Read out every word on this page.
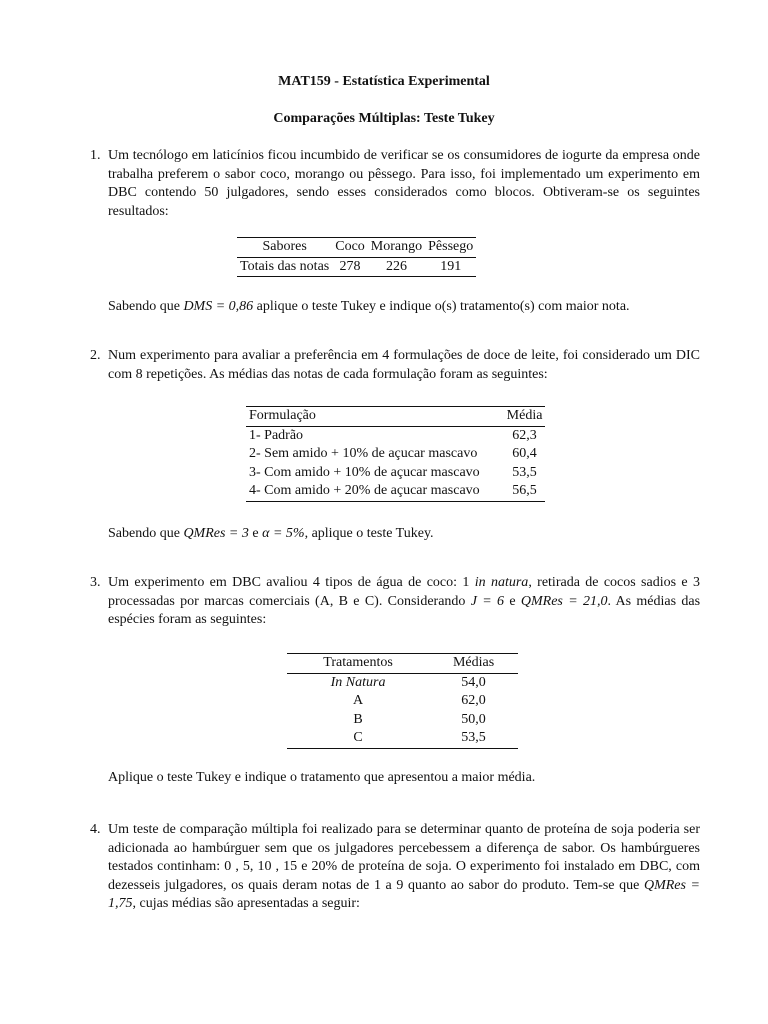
MAT159 - Estatística Experimental
Comparações Múltiplas: Teste Tukey
1. Um tecnólogo em laticínios ficou incumbido de verificar se os consumidores de iogurte da empresa onde trabalha preferem o sabor coco, morango ou pêssego. Para isso, foi implementado um experimento em DBC contendo 50 julgadores, sendo esses considerados como blocos. Obtiveram-se os seguintes resultados:

Sabores	Coco	Morango	Pêssego
Totais das notas	278	226	191
Sabendo que DMS = 0,86 aplique o teste Tukey e indique o(s) tratamento(s) com maior nota.
2. Num experimento para avaliar a preferência em 4 formulações de doce de leite, foi considerado um DIC com 8 repetições. As médias das notas de cada formulação foram as seguintes:

Formulação	Média
1- Padrão	62,3
2- Sem amido + 10% de açucar mascavo	60,4
3- Com amido + 10% de açucar mascavo	53,5
4- Com amido + 20% de açucar mascavo	56,5
Sabendo que QMRes = 3 e α = 5%, aplique o teste Tukey.
3. Um experimento em DBC avaliou 4 tipos de água de coco: 1 in natura, retirada de cocos sadios e 3 processadas por marcas comerciais (A, B e C). Considerando J = 6 e QMRes = 21,0. As médias das espécies foram as seguintes:

Tratamentos	Médias
In Natura	54,0
A	62,0
B	50,0
C	53,5
Aplique o teste Tukey e indique o tratamento que apresentou a maior média.
4. Um teste de comparação múltipla foi realizado para se determinar quanto de proteína de soja poderia ser adicionada ao hambúrguer sem que os julgadores percebessem a diferença de sabor. Os hambúrgueres testados continham: 0 , 5, 10 , 15 e 20% de proteína de soja. O experimento foi instalado em DBC, com dezesseis julgadores, os quais deram notas de 1 a 9 quanto ao sabor do produto. Tem-se que QMRes = 1,75, cujas médias são apresentadas a seguir:
